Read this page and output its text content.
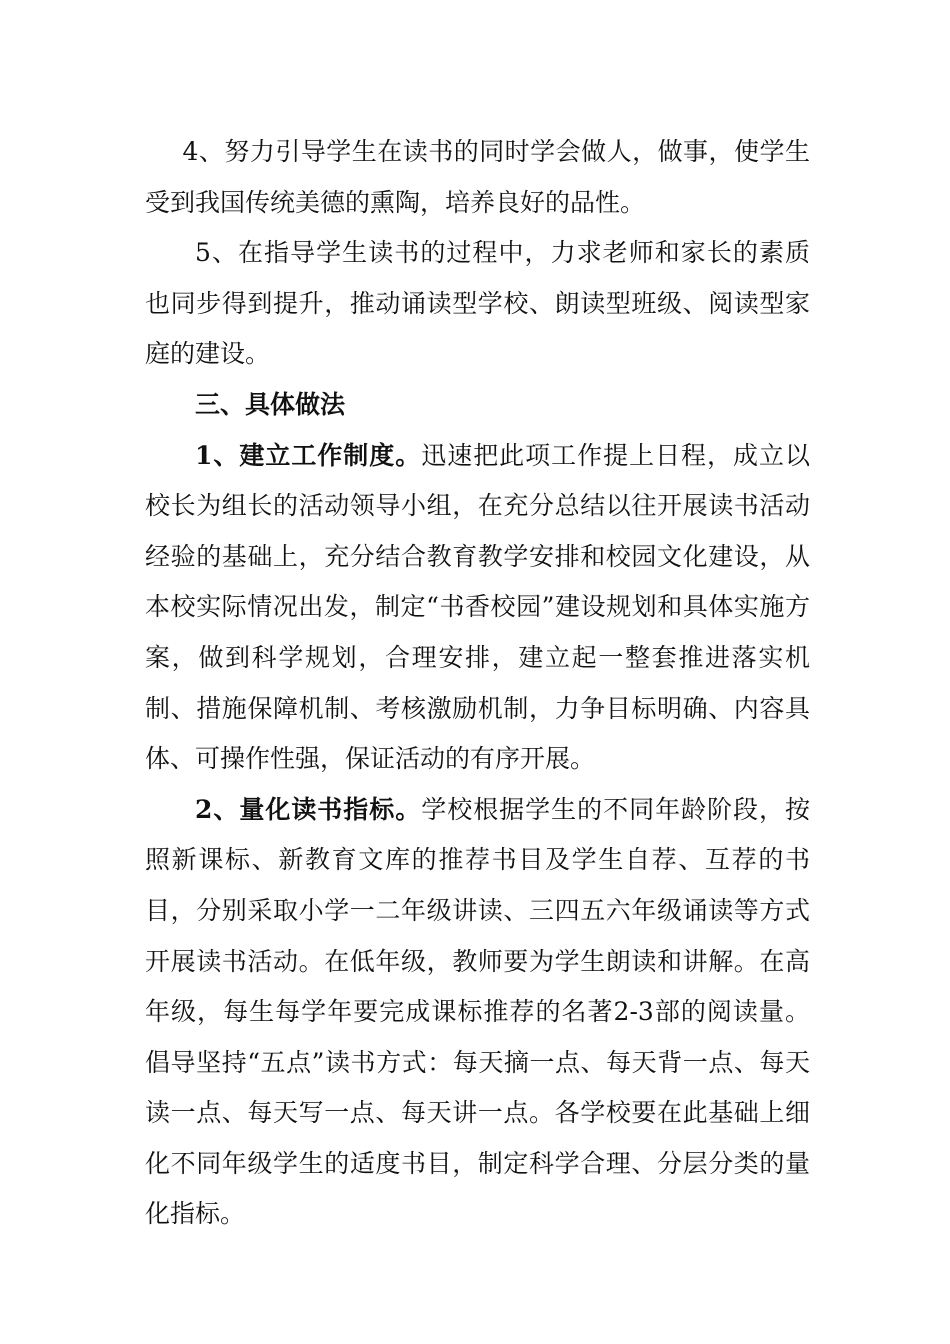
4、努力引导学生在读书的同时学会做人，做事，使学生受到我国传统美德的熏陶，培养良好的品性。

5、在指导学生读书的过程中，力求老师和家长的素质也同步得到提升，推动诵读型学校、朗读型班级、阅读型家庭的建设。

三、具体做法

1、建立工作制度。迅速把此项工作提上日程，成立以校长为组长的活动领导小组，在充分总结以往开展读书活动经验的基础上，充分结合教育教学安排和校园文化建设，从本校实际情况出发，制定“书香校园”建设规划和具体实施方案，做到科学规划，合理安排，建立起一整套推进落实机制、措施保障机制、考核激励机制，力争目标明确、内容具体、可操作性强，保证活动的有序开展。

2、量化读书指标。学校根据学生的不同年龄阶段，按照新课标、新教育文库的推荐书目及学生自荐、互荐的书目，分别采取小学一二年级讲读、三四五六年级诵读等方式开展读书活动。在低年级，教师要为学生朗读和讲解。在高年级，每生每学年要完成课标推荐的名著2-3部的阅读量。倡导坚持“五点”读书方式：每天摘一点、每天背一点、每天读一点、每天写一点、每天讲一点。各学校要在此基础上细化不同年级学生的适度书目，制定科学合理、分层分类的量化指标。
